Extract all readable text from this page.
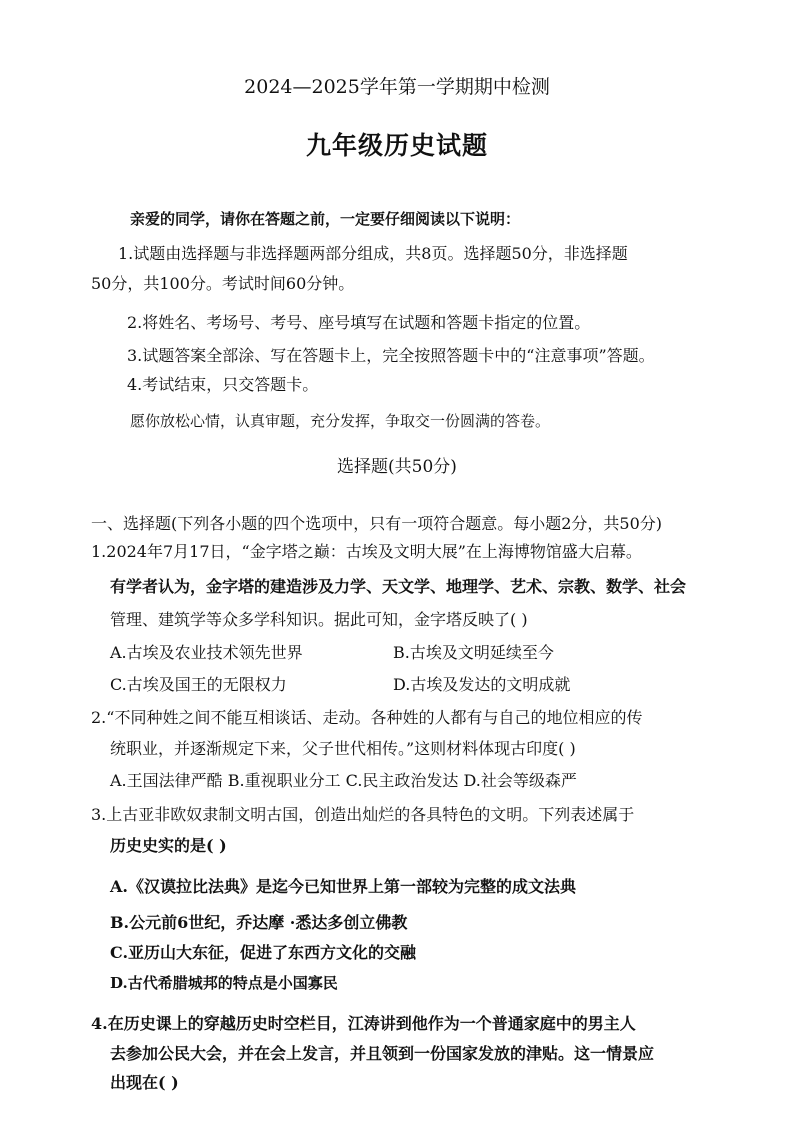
2024—2025学年第一学期期中检测
九年级历史试题
亲爱的同学，请你在答题之前，一定要仔细阅读以下说明：
1.试题由选择题与非选择题两部分组成，共8页。选择题50分，非选择题
50分，共100分。考试时间60分钟。
2.将姓名、考场号、考号、座号填写在试题和答题卡指定的位置。
3.试题答案全部涂、写在答题卡上，完全按照答题卡中的“注意事项”答题。
4.考试结束，只交答题卡。
愿你放松心情，认真审题，充分发挥，争取交一份圆满的答卷。
选择题(共50分)
一、选择题(下列各小题的四个选项中，只有一项符合题意。每小题2分，共50分)
1.2024年7月17日，“金字塔之巅：古埃及文明大展”在上海博物馆盛大启幕。
有学者认为，金字塔的建造涉及力学、天文学、地理学、艺术、宗教、数学、社会
管理、建筑学等众多学科知识。据此可知，金字塔反映了( )
A.古埃及农业技术领先世界	B.古埃及文明延续至今
C.古埃及国王的无限权力	D.古埃及发达的文明成就
2.“不同种姓之间不能互相谈话、走动。各种姓的人都有与自己的地位相应的传
统职业，并逐渐规定下来，父子世代相传。”这则材料体现古印度( )
A.王国法律严酷 B.重视职业分工 C.民主政治发达 D.社会等级森严
3.上古亚非欧奴隶制文明古国，创造出灿烂的各具特色的文明。下列表述属于
历史史实的是( )
A.《汉谟拉比法典》是迄今已知世界上第一部较为完整的成文法典
B.公元前6世纪，乔达摩 ·悉达多创立佛教
C.亚历山大东征，促进了东西方文化的交融
D.古代希腊城邦的特点是小国寡民
4.在历史课上的穿越历史时空栏目，江涛讲到他作为一个普通家庭中的男主人
去参加公民大会，并在会上发言，并且领到一份国家发放的津贴。这一情景应
出现在( )
